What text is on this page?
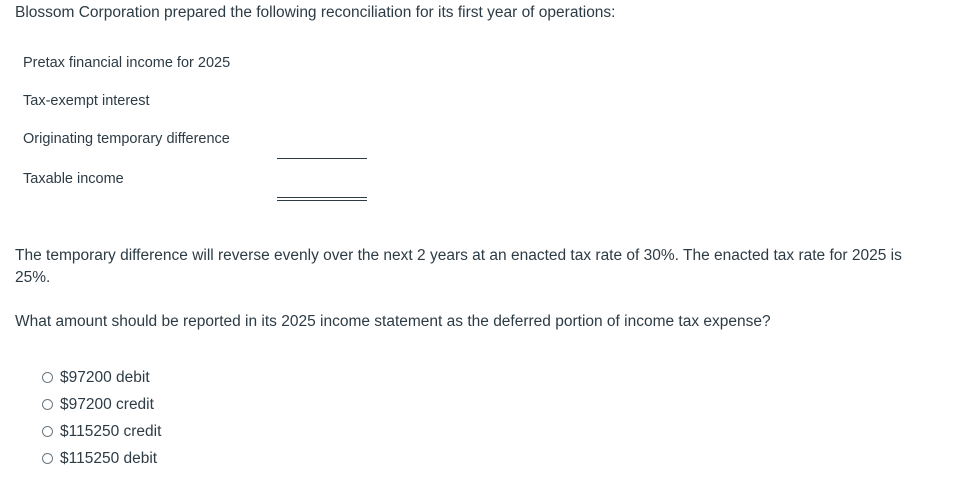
Blossom Corporation prepared the following reconciliation for its first year of operations:
Pretax financial income for 2025
Tax-exempt interest
Originating temporary difference
Taxable income
The temporary difference will reverse evenly over the next 2 years at an enacted tax rate of 30%. The enacted tax rate for 2025 is 25%.
What amount should be reported in its 2025 income statement as the deferred portion of income tax expense?
$97200 debit
$97200 credit
$115250 credit
$115250 debit
